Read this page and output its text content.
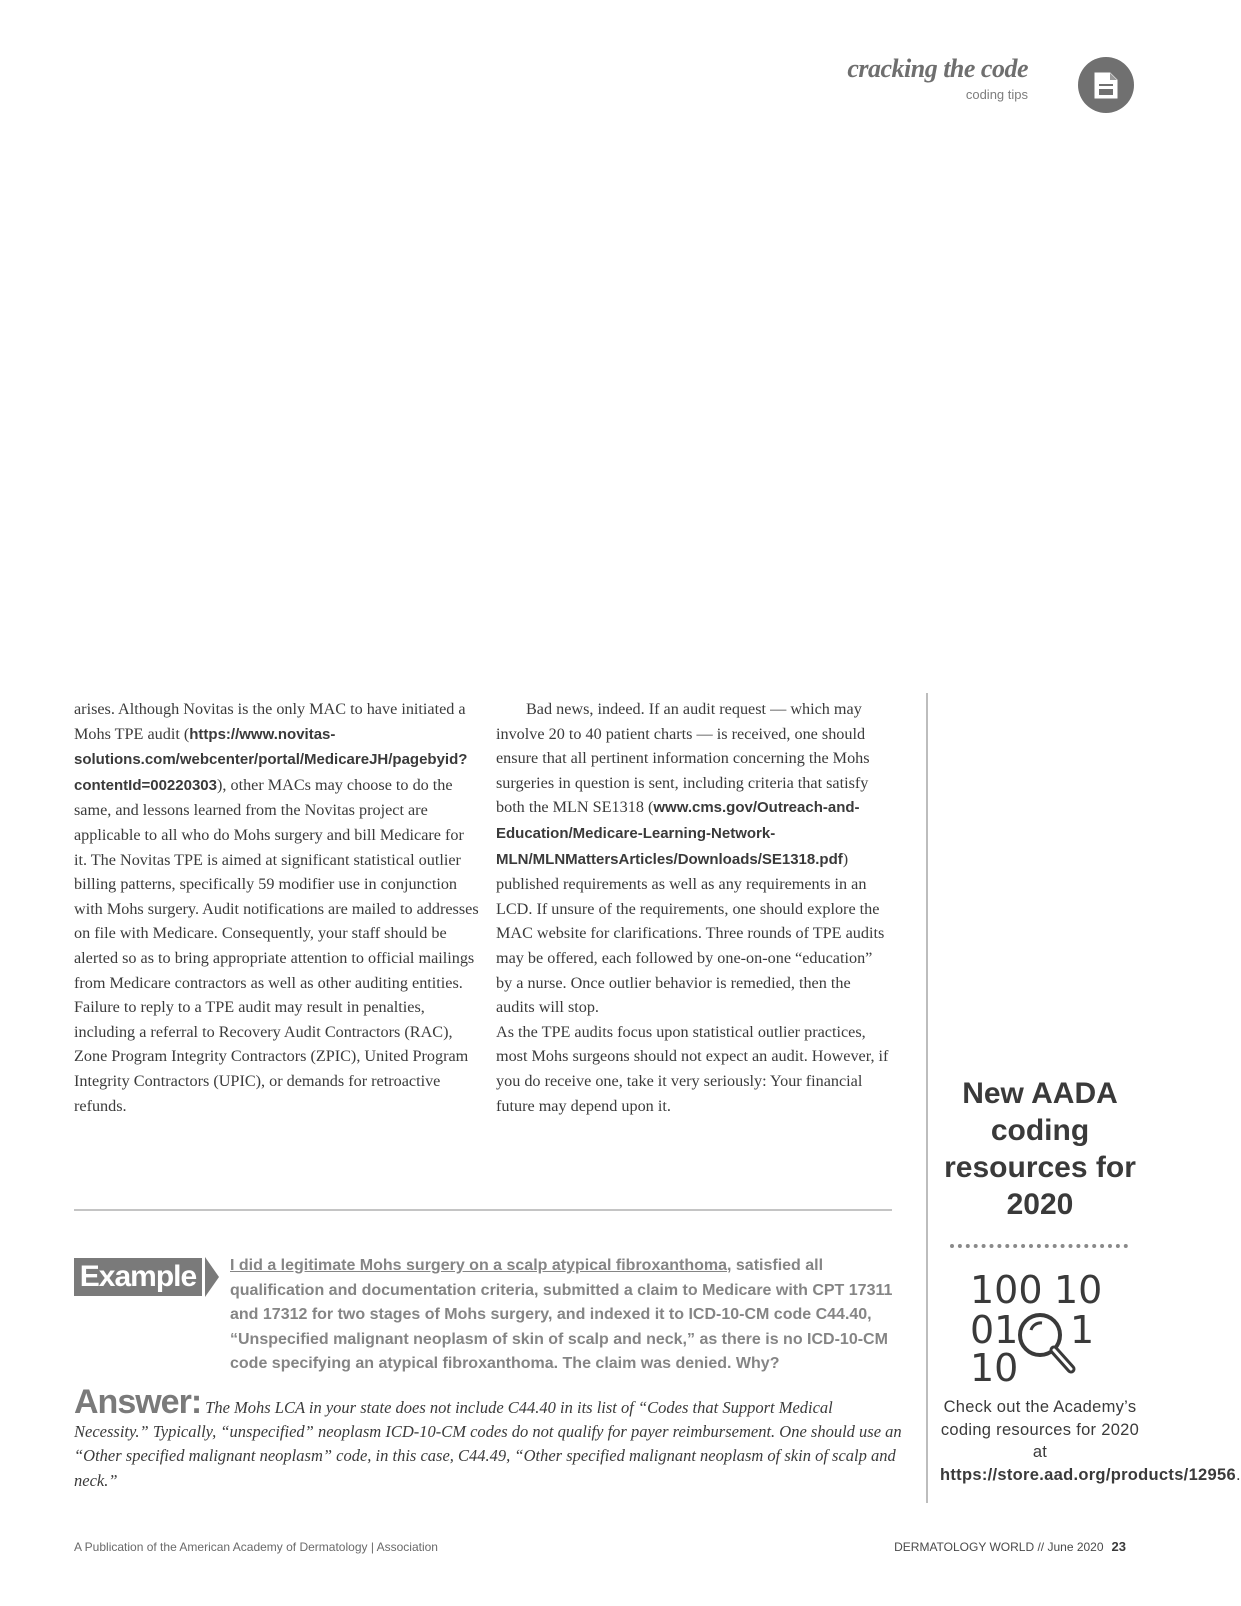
cracking the code
coding tips

arises. Although Novitas is the only MAC to have initiated a Mohs TPE audit (https://www.novitas-solutions.com/webcenter/portal/MedicareJH/pagebyid?contentId=00220303), other MACs may choose to do the same, and lessons learned from the Novitas project are applicable to all who do Mohs surgery and bill Medicare for it. The Novitas TPE is aimed at significant statistical outlier billing patterns, specifically 59 modifier use in conjunction with Mohs surgery. Audit notifications are mailed to addresses on file with Medicare. Consequently, your staff should be alerted so as to bring appropriate attention to official mailings from Medicare contractors as well as other auditing entities. Failure to reply to a TPE audit may result in penalties, including a referral to Recovery Audit Contractors (RAC), Zone Program Integrity Contractors (ZPIC), United Program Integrity Contractors (UPIC), or demands for retroactive refunds.

Bad news, indeed. If an audit request — which may involve 20 to 40 patient charts — is received, one should ensure that all pertinent information concerning the Mohs surgeries in question is sent, including criteria that satisfy both the MLN SE1318 (www.cms.gov/Outreach-and-Education/Medicare-Learning-Network-MLN/MLNMattersArticles/Downloads/SE1318.pdf) published requirements as well as any requirements in an LCD. If unsure of the requirements, one should explore the MAC website for clarifications. Three rounds of TPE audits may be offered, each followed by one-on-one “education” by a nurse. Once outlier behavior is remedied, then the audits will stop.

As the TPE audits focus upon statistical outlier practices, most Mohs surgeons should not expect an audit. However, if you do receive one, take it very seriously: Your financial future may depend upon it.	New AADA coding resources for 2020
100 10
01 1
10
Check out the Academy’s coding resources for 2020 at
https://store.aad.org/products/12956.
Example 1
I did a legitimate Mohs surgery on a scalp atypical fibroxanthoma, satisfied all qualification and documentation criteria, submitted a claim to Medicare with CPT 17311 and 17312 for two stages of Mohs surgery, and indexed it to ICD-10-CM code C44.40, “Unspecified malignant neoplasm of skin of scalp and neck,” as there is no ICD-10-CM code specifying an atypical fibroxanthoma. The claim was denied. Why?
Answer: The Mohs LCA in your state does not include C44.40 in its list of “Codes that Support Medical Necessity.” Typically, “unspecified” neoplasm ICD-10-CM codes do not qualify for payer reimbursement. One should use an “Other specified malignant neoplasm” code, in this case, C44.49, “Other specified malignant neoplasm of skin of scalp and neck.”
A Publication of the American Academy of Dermatology | Association	DERMATOLOGY WORLD // June 2020 23
